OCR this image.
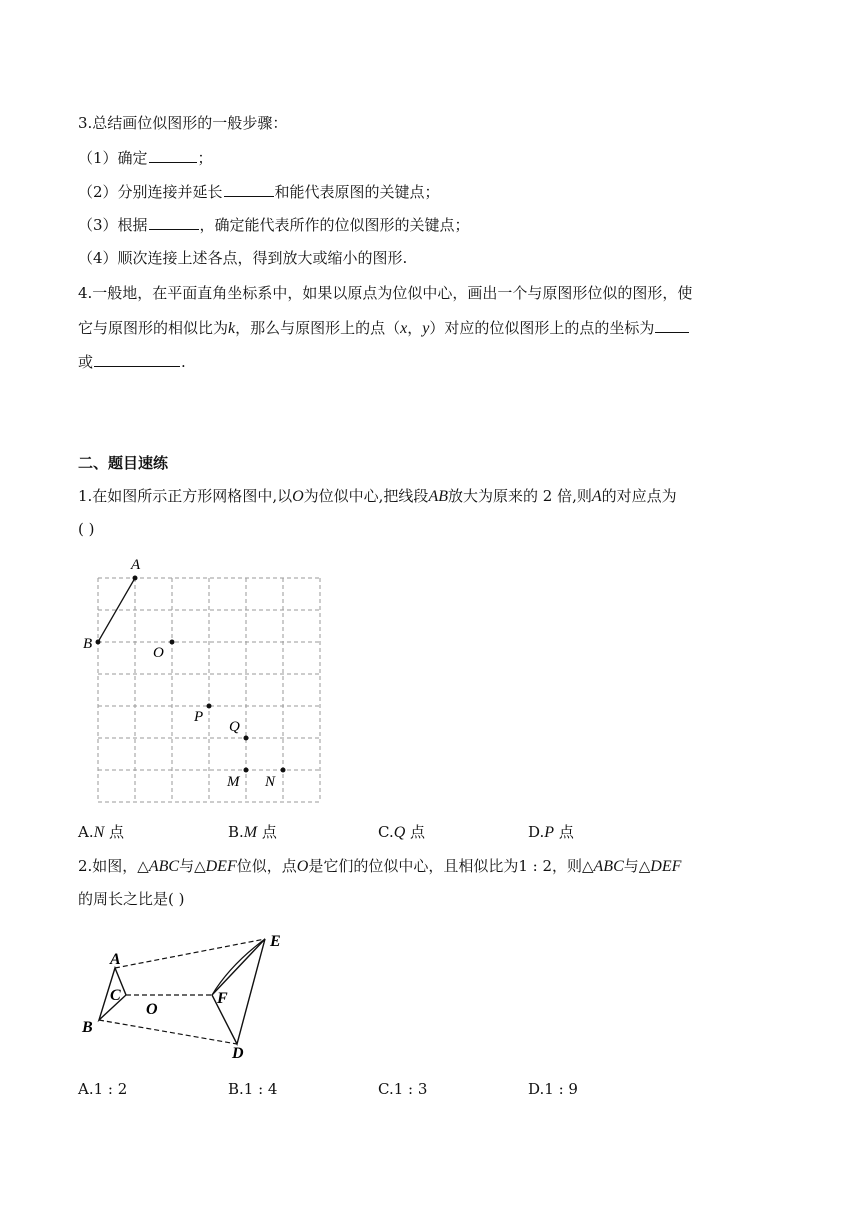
3.总结画位似图形的一般步骤：
（1）确定	；
（2）分别连接并延长	和能代表原图的关键点；
（3）根据	，确定能代表所作的位似图形的关键点；
（4）顺次连接上述各点，得到放大或缩小的图形.
4.一般地，在平面直角坐标系中，如果以原点为位似中心，画出一个与原图形位似的图形，使
它与原图形的相似比为k，那么与原图形上的点（x，y）对应的位似图形上的点的坐标为
或	.
二、题目速练
1.在如图所示正方形网格图中,以O为位似中心,把线段AB放大为原来的 2 倍,则A的对应点为
( )
A
B
O
P
Q
M N
A.N 点	B.M 点	C.Q 点	D.P 点
2.如图，△ABC与△DEF位似，点O是它们的位似中心，且相似比为1 : 2，则△ABC与△DEF
的周长之比是( )
A
B
C
O
F
E
D
A.1 : 2	B.1 : 4	C.1 : 3	D.1 : 9
